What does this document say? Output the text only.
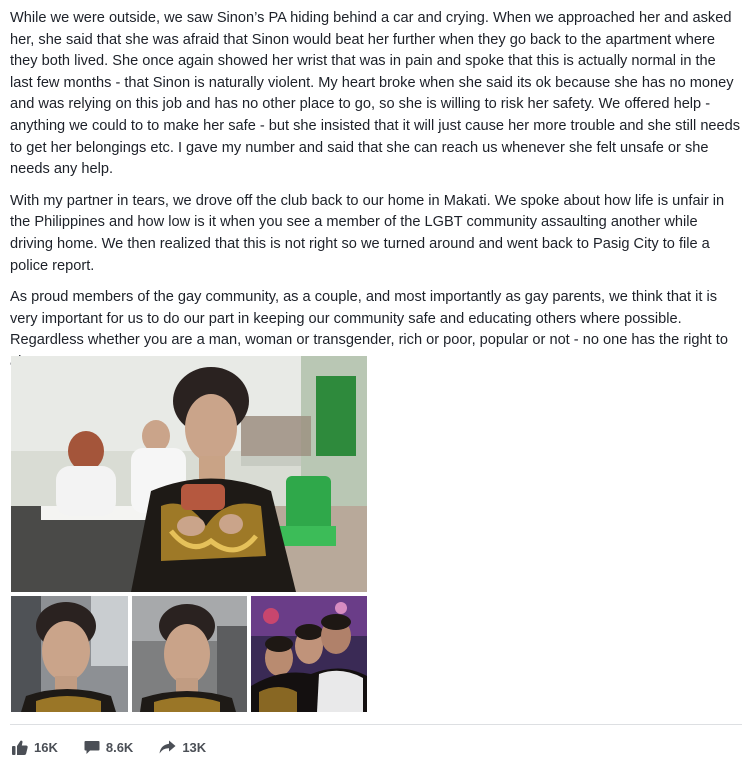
While we were outside, we saw Sinon’s PA hiding behind a car and crying. When we approached her and asked her, she said that she was afraid that Sinon would beat her further when they go back to the apartment where they both lived. She once again showed her wrist that was in pain and spoke that this is actually normal in the last few months - that Sinon is naturally violent. My heart broke when she said its ok because she has no money and was relying on this job and has no other place to go, so she is willing to risk her safety. We offered help - anything we could to to make her safe - but she insisted that it will just cause her more trouble and she still needs to get her belongings etc. I gave my number and said that she can reach us whenever she felt unsafe or she needs any help.

With my partner in tears, we drove off the club back to our home in Makati. We spoke about how life is unfair in the Philippines and how low is it when you see a member of the LGBT community assaulting another while driving home. We then realized that this is not right so we turned around and went back to Pasig City to file a police report.

As proud members of the gay community, as a couple, and most importantly as gay parents, we think that it is very important for us to do our part in keeping our community safe and educating others where possible. Regardless whether you are a man, woman or transgender, rich or poor, popular or not - no one has the right to

16K	8.6K	13K
